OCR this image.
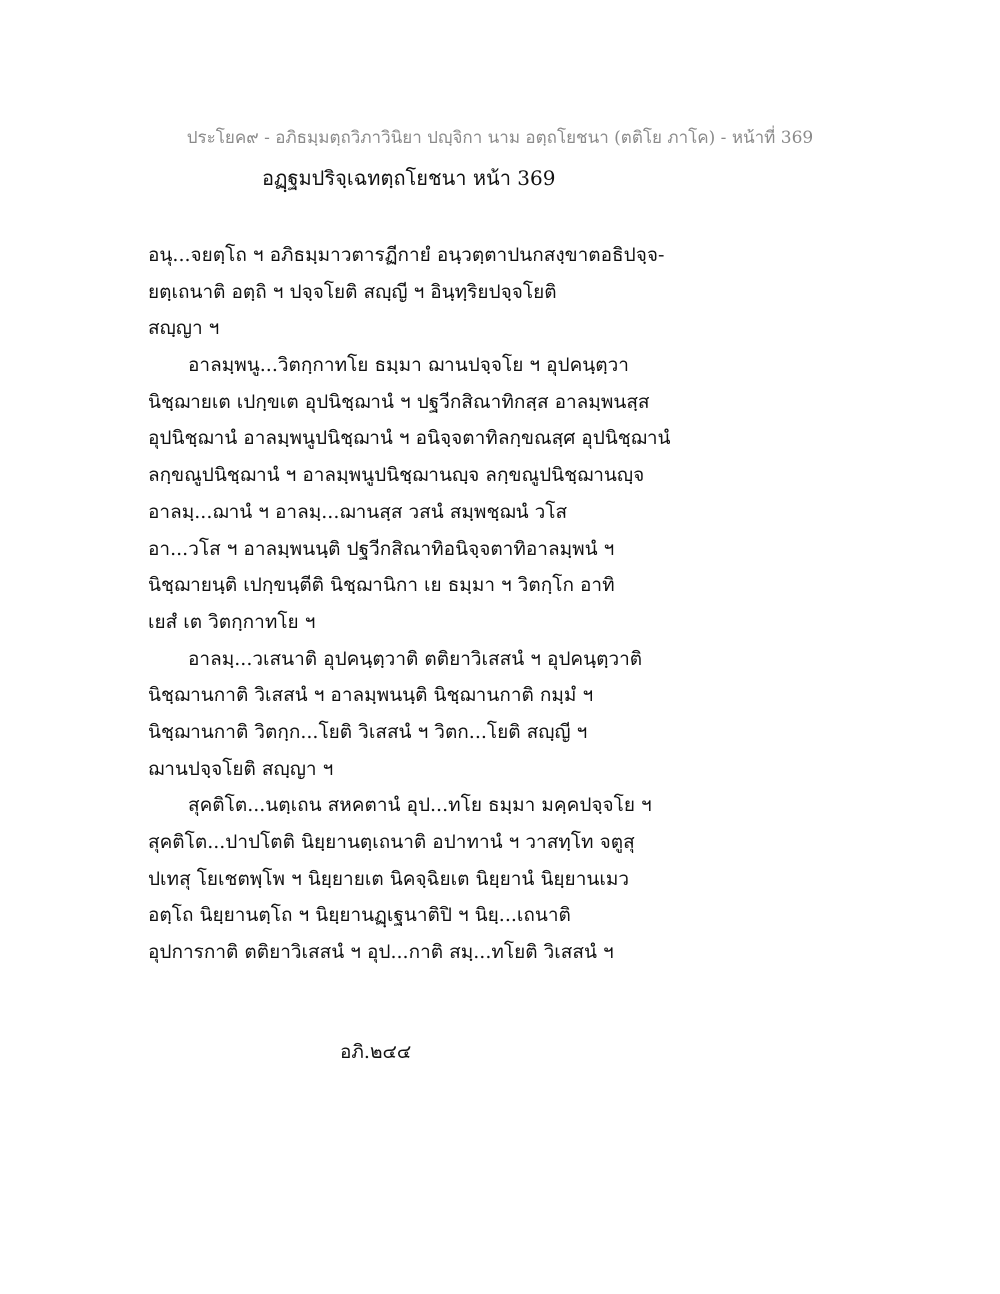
ประโยค๙ - อภิธมฺมตฺถวิภาวินิยา ปญฺจิกา นาม อตฺถโยชนา (ตติโย ภาโค) - หน้าที่ 369
อฏฺฐมปริจฺเฉทตฺถโยชนา หน้า 369
อนุ...จยตฺโถ ฯ อภิธมฺมาวตารฏีกายํ อนฺวตฺตาปนกสงฺขาตอธิปจฺจ-
ยตฺเถนาติ อตฺถิ ฯ ปจฺจโยติ สญฺญี ฯ อินฺทฺริยปจฺจโยติ
สญฺญา ฯ
อาลมฺพนู...วิตกฺกาทโย ธมฺมา ฌานปจฺจโย ฯ อุปคนฺตฺวา
นิชฺฌายเต เปกฺขเต อุปนิชฺฌานํ ฯ ปฐวีกสิณาทิกสฺส อาลมฺพนสฺส
อุปนิชฺฌานํ อาลมฺพนูปนิชฺฌานํ ฯ อนิจฺจตาทิลกฺขณสฺศ อุปนิชฺฌานํ
ลกฺขณูปนิชฺฌานํ ฯ อาลมฺพนูปนิชฺฌานญฺจ ลกฺขณูปนิชฺฌานญฺจ
อาลมฺ...ฌานํ ฯ อาลมฺ...ฌานสฺส วสนํ สมฺพชฺฌนํ วโส
อา...วโส ฯ อาลมฺพนนฺติ ปฐวีกสิณาทิอนิจฺจตาทิอาลมฺพนํ ฯ
นิชฺฌายนฺติ เปกฺขนฺตีติ นิชฺฌานิกา เย ธมฺมา ฯ วิตกฺโก อาทิ
เยสํ เต วิตกฺกาทโย ฯ
อาลมฺ...วเสนาติ อุปคนฺตฺวาติ ตติยาวิเสสนํ ฯ อุปคนฺตฺวาติ
นิชฺฌานกาติ วิเสสนํ ฯ อาลมฺพนนฺติ นิชฺฌานกาติ กมฺมํ ฯ
นิชฺฌานกาติ วิตกฺก...โยติ วิเสสนํ ฯ วิตก...โยติ สญฺญี ฯ
ฌานปจฺจโยติ สญฺญา ฯ
สุคติโต...นตฺเถน สหคตานํ อุป...ทโย ธมฺมา มคฺคปจฺจโย ฯ
สุคติโต...ปาปโตติ นิยฺยานตฺเถนาติ อปาทานํ ฯ วาสทฺโท จตูสุ
ปเทสุ โยเชตพฺโพ ฯ นิยฺยายเต นิคจฺฉิยเต นิยฺยานํ นิยฺยานเมว
อตฺโถ นิยฺยานตฺโถ ฯ นิยฺยานฏฺเฐนาติปิ ฯ นิยฺ...เถนาติ
อุปการกาติ ตติยาวิเสสนํ ฯ อุป...กาติ สมฺ...ทโยติ วิเสสนํ ฯ
อภิ.๒๔๔
